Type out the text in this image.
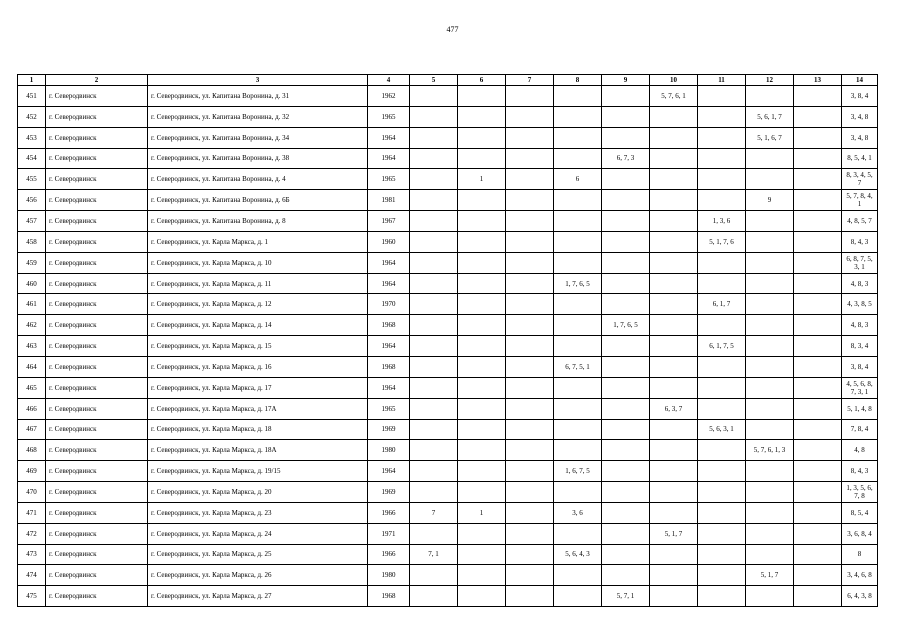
477
1	2	3	4	5	6	7	8	9	10	11	12	13	14
451	г. Северодвинск	г. Северодвинск, ул. Капитана Воронина, д. 31	1962						5, 7, 6, 1				3, 8, 4
452	г. Северодвинск	г. Северодвинск, ул. Капитана Воронина, д. 32	1965								5, 6, 1, 7		3, 4, 8
453	г. Северодвинск	г. Северодвинск, ул. Капитана Воронина, д. 34	1964								5, 1, 6, 7		3, 4, 8
454	г. Северодвинск	г. Северодвинск, ул. Капитана Воронина, д. 38	1964					6, 7, 3					8, 5, 4, 1
455	г. Северодвинск	г. Северодвинск, ул. Капитана Воронина, д. 4	1965		1		6						8, 3, 4, 5, 7
456	г. Северодвинск	г. Северодвинск, ул. Капитана Воронина, д. 6Б	1981								9		5, 7, 8, 4, 1
457	г. Северодвинск	г. Северодвинск, ул. Капитана Воронина, д. 8	1967							1, 3, 6			4, 8, 5, 7
458	г. Северодвинск	г. Северодвинск, ул. Карла Маркса, д. 1	1960							5, 1, 7, 6			8, 4, 3
459	г. Северодвинск	г. Северодвинск, ул. Карла Маркса, д. 10	1964										6, 8, 7, 5, 3, 1
460	г. Северодвинск	г. Северодвинск, ул. Карла Маркса, д. 11	1964				1, 7, 6, 5						4, 8, 3
461	г. Северодвинск	г. Северодвинск, ул. Карла Маркса, д. 12	1970							6, 1, 7			4, 3, 8, 5
462	г. Северодвинск	г. Северодвинск, ул. Карла Маркса, д. 14	1968					1, 7, 6, 5					4, 8, 3
463	г. Северодвинск	г. Северодвинск, ул. Карла Маркса, д. 15	1964							6, 1, 7, 5			8, 3, 4
464	г. Северодвинск	г. Северодвинск, ул. Карла Маркса, д. 16	1968				6, 7, 5, 1						3, 8, 4
465	г. Северодвинск	г. Северодвинск, ул. Карла Маркса, д. 17	1964										4, 5, 6, 8, 7, 3, 1
466	г. Северодвинск	г. Северодвинск, ул. Карла Маркса, д. 17А	1965						6, 3, 7				5, 1, 4, 8
467	г. Северодвинск	г. Северодвинск, ул. Карла Маркса, д. 18	1969							5, 6, 3, 1			7, 8, 4
468	г. Северодвинск	г. Северодвинск, ул. Карла Маркса, д. 18А	1980								5, 7, 6, 1, 3		4, 8
469	г. Северодвинск	г. Северодвинск, ул. Карла Маркса, д. 19/15	1964				1, 6, 7, 5						8, 4, 3
470	г. Северодвинск	г. Северодвинск, ул. Карла Маркса, д. 20	1969										1, 3, 5, 6, 7, 8
471	г. Северодвинск	г. Северодвинск, ул. Карла Маркса, д. 23	1966	7	1		3, 6						8, 5, 4
472	г. Северодвинск	г. Северодвинск, ул. Карла Маркса, д. 24	1971						5, 1, 7				3, 6, 8, 4
473	г. Северодвинск	г. Северодвинск, ул. Карла Маркса, д. 25	1966	7, 1			5, 6, 4, 3						8
474	г. Северодвинск	г. Северодвинск, ул. Карла Маркса, д. 26	1980								5, 1, 7		3, 4, 6, 8
475	г. Северодвинск	г. Северодвинск, ул. Карла Маркса, д. 27	1968					5, 7, 1					6, 4, 3, 8
